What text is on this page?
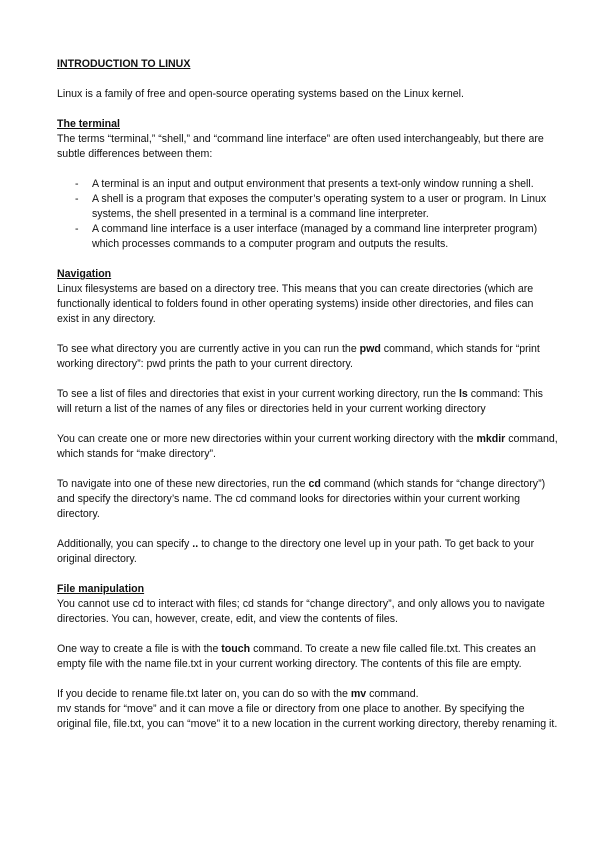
INTRODUCTION TO LINUX

Linux is a family of free and open-source operating systems based on the Linux kernel.

The terminal

The terms “terminal,” “shell,” and “command line interface” are often used interchangeably, but there are subtle differences between them:

- A terminal is an input and output environment that presents a text-only window running a shell.
- A shell is a program that exposes the computer’s operating system to a user or program. In Linux systems, the shell presented in a terminal is a command line interpreter.
- A command line interface is a user interface (managed by a command line interpreter program) which processes commands to a computer program and outputs the results.
Navigation

Linux filesystems are based on a directory tree. This means that you can create directories (which are functionally identical to folders found in other operating systems) inside other directories, and files can exist in any directory.

To see what directory you are currently active in you can run the pwd command, which stands for “print working directory”: pwd prints the path to your current directory.

To see a list of files and directories that exist in your current working directory, run the ls command: This will return a list of the names of any files or directories held in your current working directory

You can create one or more new directories within your current working directory with the mkdir command, which stands for “make directory”.

To navigate into one of these new directories, run the cd command (which stands for “change directory”) and specify the directory’s name. The cd command looks for directories within your current working directory.

Additionally, you can specify .. to change to the directory one level up in your path. To get back to your original directory.

File manipulation

You cannot use cd to interact with files; cd stands for “change directory”, and only allows you to navigate directories. You can, however, create, edit, and view the contents of files.

One way to create a file is with the touch command. To create a new file called file.txt. This creates an empty file with the name file.txt in your current working directory. The contents of this file are empty.

If you decide to rename file.txt later on, you can do so with the mv command.

mv stands for “move” and it can move a file or directory from one place to another. By specifying the original file, file.txt, you can “move” it to a new location in the current working directory, thereby renaming it.
